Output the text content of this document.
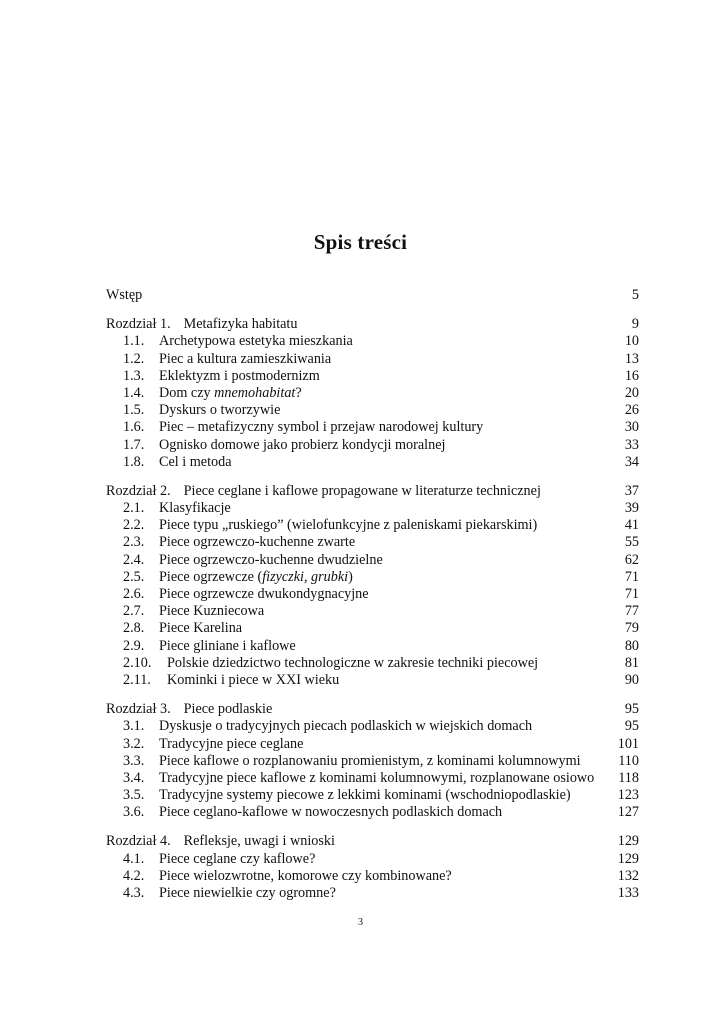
Spis treści
Wstęp	5
Rozdział 1. Metafizyka habitatu	9
1.1. Archetypowa estetyka mieszkania	10
1.2. Piec a kultura zamieszkiwania	13
1.3. Eklektyzm i postmodernizm	16
1.4. Dom czy mnemohabitat?	20
1.5. Dyskurs o tworzywie	26
1.6. Piec – metafizyczny symbol i przejaw narodowej kultury	30
1.7. Ognisko domowe jako probierz kondycji moralnej	33
1.8. Cel i metoda	34
Rozdział 2. Piece ceglane i kaflowe propagowane w literaturze technicznej	37
2.1. Klasyfikacje	39
2.2. Piece typu „ruskiego” (wielofunkcyjne z paleniskami piekarskimi)	41
2.3. Piece ogrzewczo-kuchenne zwarte	55
2.4. Piece ogrzewczo-kuchenne dwudzielne	62
2.5. Piece ogrzewcze (fizyczki, grubki)	71
2.6. Piece ogrzewcze dwukondygnacyjne	71
2.7. Piece Kuzniecowa	77
2.8. Piece Karelina	79
2.9. Piece gliniane i kaflowe	80
2.10. Polskie dziedzictwo technologiczne w zakresie techniki piecowej	81
2.11. Kominki i piece w XXI wieku	90
Rozdział 3. Piece podlaskie	95
3.1. Dyskusje o tradycyjnych piecach podlaskich w wiejskich domach	95
3.2. Tradycyjne piece ceglane	101
3.3. Piece kaflowe o rozplanowaniu promienistym, z kominami kolumnowymi	110
3.4. Tradycyjne piece kaflowe z kominami kolumnowymi, rozplanowane osiowo 118
3.5. Tradycyjne systemy piecowe z lekkimi kominami (wschodniopodlaskie)	123
3.6. Piece ceglano-kaflowe w nowoczesnych podlaskich domach	127
Rozdział 4. Refleksje, uwagi i wnioski	129
4.1. Piece ceglane czy kaflowe?	129
4.2. Piece wielozwrotne, komorowe czy kombinowane?	132
4.3. Piece niewielkie czy ogromne?	133
3
